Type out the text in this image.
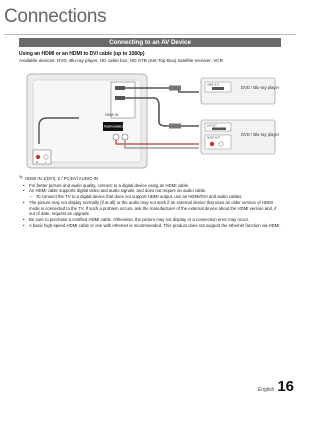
Connections
Connecting to an AV Device
Using an HDMI or an HDMI to DVI cable (up to 1080p)
Available devices: DVD, Blu-ray player, HD cable box, HD STB (Set-Top-Box) satellite receiver, VCR
HDMI IN
PC/DVI AUDIO IN
R	L
HDMI OUT	DVD / Blu-ray player
DVI OUT
AUDIO OUT
DVD / Blu-ray player
✎ HDMI IN 1(DVI), 2 / PC/DVI AUDIO IN
•	For better picture and audio quality, connect to a digital device using an HDMI cable.
•	An HDMI cable supports digital video and audio signals, and does not require an audio cable.
– To connect the TV to a digital device that does not support HDMI output, use an HDMI/DVI and audio cables.
•	The picture may not display normally (if at all) or the audio may not work if an external device that uses an older version of HDMI mode is connected to the TV. If such a problem occurs, ask the manufacturer of the external device about the HDMI version and, if out of date, request an upgrade.
•	Be sure to purchase a certified HDMI cable. Otherwise, the picture may not display or a connection error may occur.
•	A basic high-speed HDMI cable or one with ethernet is recommended. This product does not support the ethernet function via HDMI.
English 16
